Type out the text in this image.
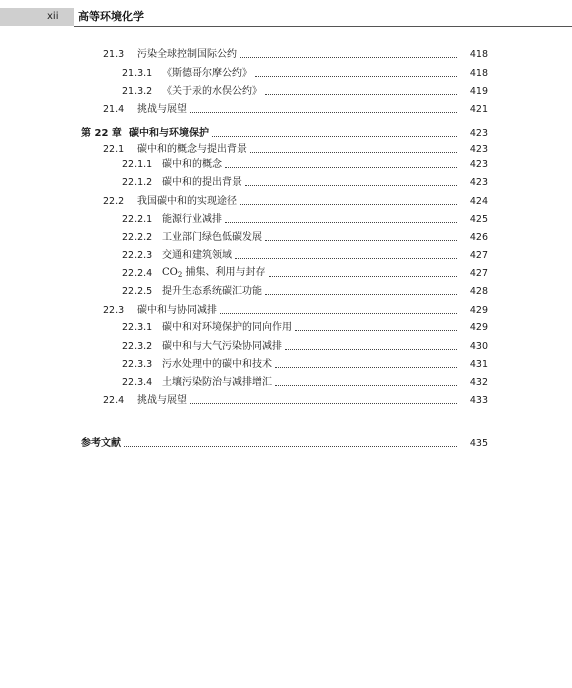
xii 高等环境化学
21.3	污染全球控制国际公约	418
21.3.1 《斯德哥尔摩公约》	418
21.3.2 《关于汞的水俣公约》	419
21.4	挑战与展望	421
第 22 章 碳中和与环境保护	423
22.1	碳中和的概念与提出背景	423
22.1.1 碳中和的概念	423
22.1.2 碳中和的提出背景	423
22.2	我国碳中和的实现途径	424
22.2.1 能源行业减排	425
22.2.2 工业部门绿色低碳发展	426
22.2.3 交通和建筑领域	427
22.2.4 $CO_2$ 捕集、利用与封存	427
22.2.5 提升生态系统碳汇功能	428
22.3	碳中和与协同减排	429
22.3.1 碳中和对环境保护的同向作用	429
22.3.2 碳中和与大气污染协同减排	430
22.3.3 污水处理中的碳中和技术	431
22.3.4 土壤污染防治与减排增汇	432
22.4	挑战与展望	433
参考文献	435
